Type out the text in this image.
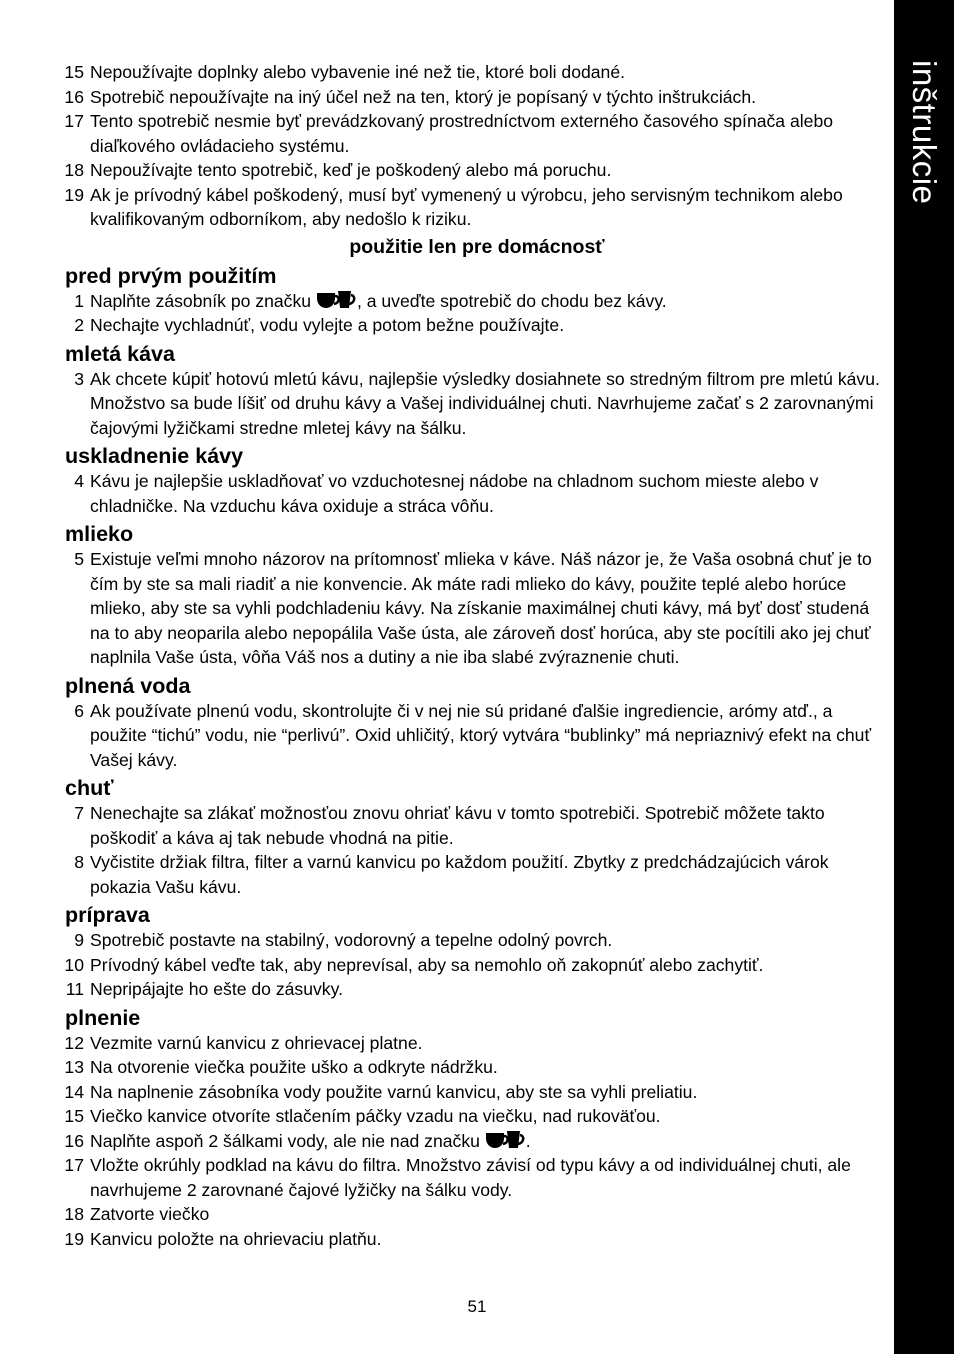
inštrukcie
15 Nepoužívajte doplnky alebo vybavenie iné než tie, ktoré boli dodané.
16 Spotrebič nepoužívajte na iný účel než na ten, ktorý je popísaný v týchto inštrukciách.
17 Tento spotrebič nesmie byť prevádzkovaný prostredníctvom externého časového spínača alebo diaľkového ovládacieho systému.
18 Nepoužívajte tento spotrebič, keď je poškodený alebo má poruchu.
19 Ak je prívodný kábel poškodený, musí byť vymenený u výrobcu, jeho servisným technikom alebo kvalifikovaným odborníkom, aby nedošlo k riziku.
použitie len pre domácnosť
pred prvým použitím
1 Naplňte zásobník po značku	, a uveďte spotrebič do chodu bez kávy.
2 Nechajte vychladnúť, vodu vylejte a potom bežne používajte.
mletá káva
3 Ak chcete kúpiť hotovú mletú kávu, najlepšie výsledky dosiahnete so stredným filtrom pre mletú kávu. Množstvo sa bude líšiť od druhu kávy a Vašej individuálnej chuti. Navrhujeme začať s 2 zarovnanými čajovými lyžičkami stredne mletej kávy na šálku.
uskladnenie kávy
4 Kávu je najlepšie uskladňovať vo vzduchotesnej nádobe na chladnom suchom mieste alebo v chladničke. Na vzduchu káva oxiduje a stráca vôňu.
mlieko
5 Existuje veľmi mnoho názorov na prítomnosť mlieka v káve. Náš názor je, že Vaša osobná chuť je to čím by ste sa mali riadiť a nie konvencie. Ak máte radi mlieko do kávy, použite teplé alebo horúce mlieko, aby ste sa vyhli podchladeniu kávy. Na získanie maximálnej chuti kávy, má byť dosť studená na to aby neoparila alebo nepopálila Vaše ústa, ale zároveň dosť horúca, aby ste pocítili ako jej chuť naplnila Vaše ústa, vôňa Váš nos a dutiny a nie iba slabé zvýraznenie chuti.
plnená voda
6 Ak používate plnenú vodu, skontrolujte či v nej nie sú pridané ďalšie ingrediencie, arómy atď., a použite “tichú” vodu, nie “perlivú”. Oxid uhličitý, ktorý vytvára “bublinky” má nepriaznivý efekt na chuť Vašej kávy.
chuť
7 Nenechajte sa zlákať možnosťou znovu ohriať kávu v tomto spotrebiči. Spotrebič môžete takto poškodiť a káva aj tak nebude vhodná na pitie.
8 Vyčistite držiak filtra, filter a varnú kanvicu po každom použití. Zbytky z predchádzajúcich várok pokazia Vašu kávu.
príprava
9 Spotrebič postavte na stabilný, vodorovný a tepelne odolný povrch.
10 Prívodný kábel veďte tak, aby neprevísal, aby sa nemohlo oň zakopnúť alebo zachytiť.
11 Nepripájajte ho ešte do zásuvky.
plnenie
12 Vezmite varnú kanvicu z ohrievacej platne.
13 Na otvorenie viečka použite uško a odkryte nádržku.
14 Na naplnenie zásobníka vody použite varnú kanvicu, aby ste sa vyhli preliatiu.
15 Viečko kanvice otvoríte stlačením páčky vzadu na viečku, nad rukoväťou.
16 Naplňte aspoň 2 šálkami vody, ale nie nad značku	.
17 Vložte okrúhly podklad na kávu do filtra. Množstvo závisí od typu kávy a od individuálnej chuti, ale navrhujeme 2 zarovnané čajové lyžičky na šálku vody.
18 Zatvorte viečko
19 Kanvicu položte na ohrievaciu platňu.
51
